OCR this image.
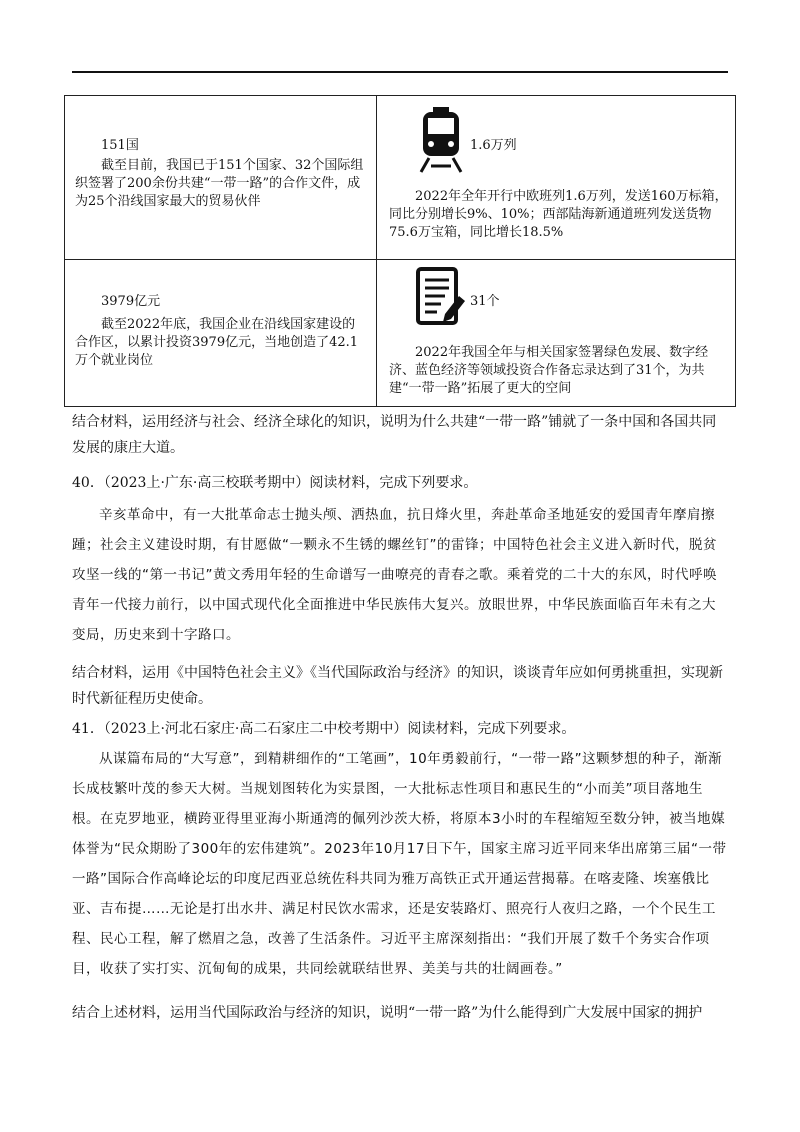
151国
截至目前，我国已于151个国家、32个国际组织签署了200余份共建“一带一路”的合作文件，成为25个沿线国家最大的贸易伙伴
1.6万列
2022年全年开行中欧班列1.6万列，发送160万标箱，同比分别增长9%、10%；西部陆海新通道班列发送货物75.6万宝箱，同比增长18.5%
3979亿元
截至2022年底，我国企业在沿线国家建设的合作区，以累计投资3979亿元，当地创造了42.1万个就业岗位
31个
2022年我国全年与相关国家签署绿色发展、数字经济、蓝色经济等领域投资合作备忘录达到了31个，为共建“一带一路”拓展了更大的空间
结合材料，运用经济与社会、经济全球化的知识，说明为什么共建“一带一路”铺就了一条中国和各国共同发展的康庄大道。
40．（2023上·广东·高三校联考期中）阅读材料，完成下列要求。
辛亥革命中，有一大批革命志士抛头颅、洒热血，抗日烽火里，奔赴革命圣地延安的爱国青年摩肩擦踵；社会主义建设时期，有甘愿做“一颗永不生锈的螺丝钉”的雷锋；中国特色社会主义进入新时代，脱贫攻坚一线的“第一书记”黄文秀用年轻的生命谱写一曲嘹亮的青春之歌。乘着党的二十大的东风，时代呼唤青年一代接力前行，以中国式现代化全面推进中华民族伟大复兴。放眼世界，中华民族面临百年未有之大变局，历史来到十字路口。
结合材料，运用《中国特色社会主义》《当代国际政治与经济》的知识，谈谈青年应如何勇挑重担，实现新时代新征程历史使命。
41．（2023上·河北石家庄·高二石家庄二中校考期中）阅读材料，完成下列要求。
从谋篇布局的“大写意”，到精耕细作的“工笔画”，10年勇毅前行，“一带一路”这颗梦想的种子，渐渐长成枝繁叶茂的参天大树。当规划图转化为实景图，一大批标志性项目和惠民生的“小而美”项目落地生根。在克罗地亚，横跨亚得里亚海小斯通湾的佩列沙茨大桥，将原本3小时的车程缩短至数分钟，被当地媒体誉为“民众期盼了300年的宏伟建筑”。2023年10月17日下午，国家主席习近平同来华出席第三届“一带一路”国际合作高峰论坛的印度尼西亚总统佐科共同为雅万高铁正式开通运营揭幕。在喀麦隆、埃塞俄比亚、吉布提……无论是打出水井、满足村民饮水需求，还是安装路灯、照亮行人夜归之路，一个个民生工程、民心工程，解了燃眉之急，改善了生活条件。习近平主席深刻指出：“我们开展了数千个务实合作项目，收获了实打实、沉甸甸的成果，共同绘就联结世界、美美与共的壮阔画卷。”
结合上述材料，运用当代国际政治与经济的知识，说明“一带一路”为什么能得到广大发展中国家的拥护
